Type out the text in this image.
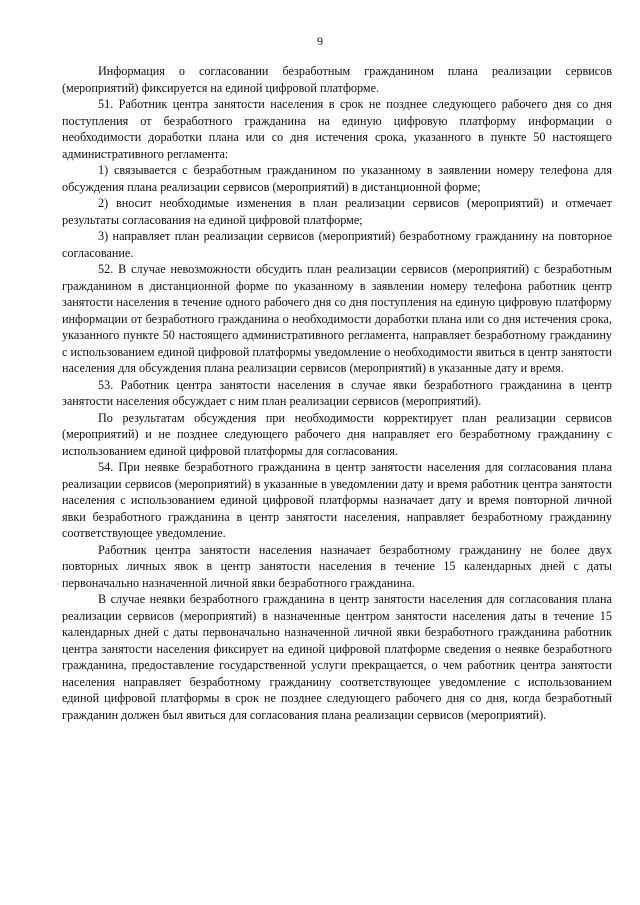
9

Информация о согласовании безработным гражданином плана реализации сервисов (мероприятий) фиксируется на единой цифровой платформе.

51. Работник центра занятости населения в срок не позднее следующего рабочего дня со дня поступления от безработного гражданина на единую цифровую платформу информации о необходимости доработки плана или со дня истечения срока, указанного в пункте 50 настоящего административного регламента:

1) связывается с безработным гражданином по указанному в заявлении номеру телефона для обсуждения плана реализации сервисов (мероприятий) в дистанционной форме;

2) вносит необходимые изменения в план реализации сервисов (мероприятий) и отмечает результаты согласования на единой цифровой платформе;

3) направляет план реализации сервисов (мероприятий) безработному гражданину на повторное согласование.

52. В случае невозможности обсудить план реализации сервисов (мероприятий) с безработным гражданином в дистанционной форме по указанному в заявлении номеру телефона работник центр занятости населения в течение одного рабочего дня со дня поступления на единую цифровую платформу информации от безработного гражданина о необходимости доработки плана или со дня истечения срока, указанного пункте 50 настоящего административного регламента, направляет безработному гражданину с использованием единой цифровой платформы уведомление о необходимости явиться в центр занятости населения для обсуждения плана реализации сервисов (мероприятий) в указанные дату и время.

53. Работник центра занятости населения в случае явки безработного гражданина в центр занятости населения обсуждает с ним план реализации сервисов (мероприятий).

По результатам обсуждения при необходимости корректирует план реализации сервисов (мероприятий) и не позднее следующего рабочего дня направляет его безработному гражданину с использованием единой цифровой платформы для согласования.

54. При неявке безработного гражданина в центр занятости населения для согласования плана реализации сервисов (мероприятий) в указанные в уведомлении дату и время работник центра занятости населения с использованием единой цифровой платформы назначает дату и время повторной личной явки безработного гражданина в центр занятости населения, направляет безработному гражданину соответствующее уведомление.

Работник центра занятости населения назначает безработному гражданину не более двух повторных личных явок в центр занятости населения в течение 15 календарных дней с даты первоначально назначенной личной явки безработного гражданина.

В случае неявки безработного гражданина в центр занятости населения для согласования плана реализации сервисов (мероприятий) в назначенные центром занятости населения даты в течение 15 календарных дней с даты первоначально назначенной личной явки безработного гражданина работник центра занятости населения фиксирует на единой цифровой платформе сведения о неявке безработного гражданина, предоставление государственной услуги прекращается, о чем работник центра занятости населения направляет безработному гражданину соответствующее уведомление с использованием единой цифровой платформы в срок не позднее следующего рабочего дня со дня, когда безработный гражданин должен был явиться для согласования плана реализации сервисов (мероприятий).
